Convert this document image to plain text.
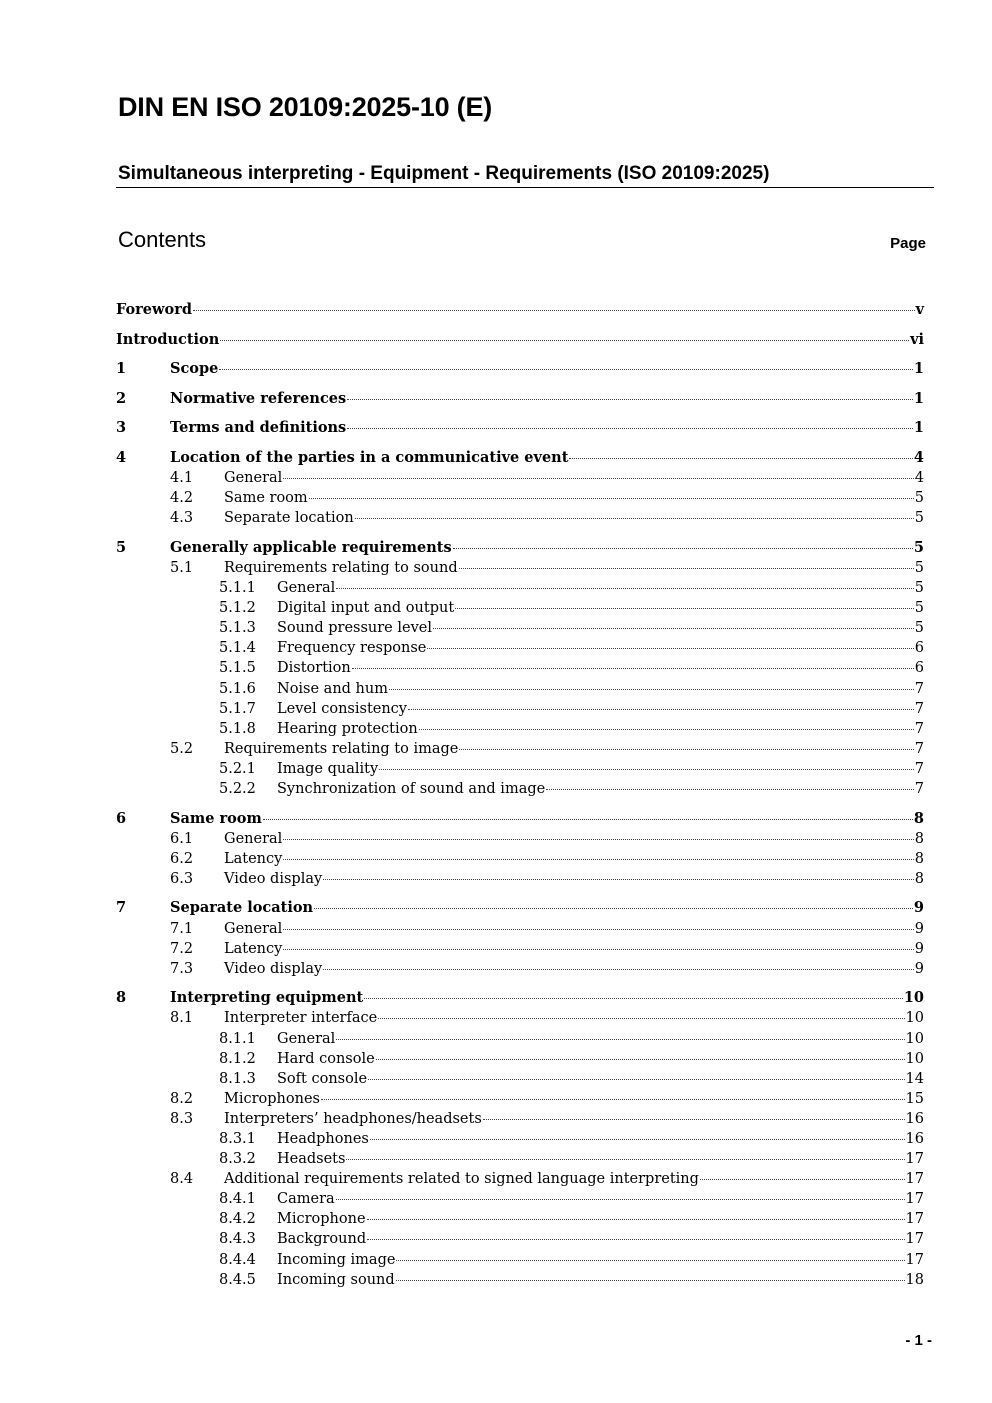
DIN EN ISO 20109:2025-10 (E)
Simultaneous interpreting - Equipment - Requirements (ISO 20109:2025)
Contents	Page
Foreword	v
Introduction	vi
1	Scope	1
2	Normative references	1
3	Terms and definitions	1
4	Location of the parties in a communicative event	4
4.1	General	4
4.2	Same room	5
4.3	Separate location	5
5	Generally applicable requirements	5
5.1	Requirements relating to sound	5
5.1.1	General	5
5.1.2	Digital input and output	5
5.1.3	Sound pressure level	5
5.1.4	Frequency response	6
5.1.5	Distortion	6
5.1.6	Noise and hum	7
5.1.7	Level consistency	7
5.1.8	Hearing protection	7
5.2	Requirements relating to image	7
5.2.1	Image quality	7
5.2.2	Synchronization of sound and image	7
6	Same room	8
6.1	General	8
6.2	Latency	8
6.3	Video display	8
7	Separate location	9
7.1	General	9
7.2	Latency	9
7.3	Video display	9
8	Interpreting equipment	10
8.1	Interpreter interface	10
8.1.1	General	10
8.1.2	Hard console	10
8.1.3	Soft console	14
8.2	Microphones	15
8.3	Interpreters’ headphones/headsets	16
8.3.1	Headphones	16
8.3.2	Headsets	17
8.4	Additional requirements related to signed language interpreting	17
8.4.1	Camera	17
8.4.2	Microphone	17
8.4.3	Background	17
8.4.4	Incoming image	17
8.4.5	Incoming sound	18
- 1 -
